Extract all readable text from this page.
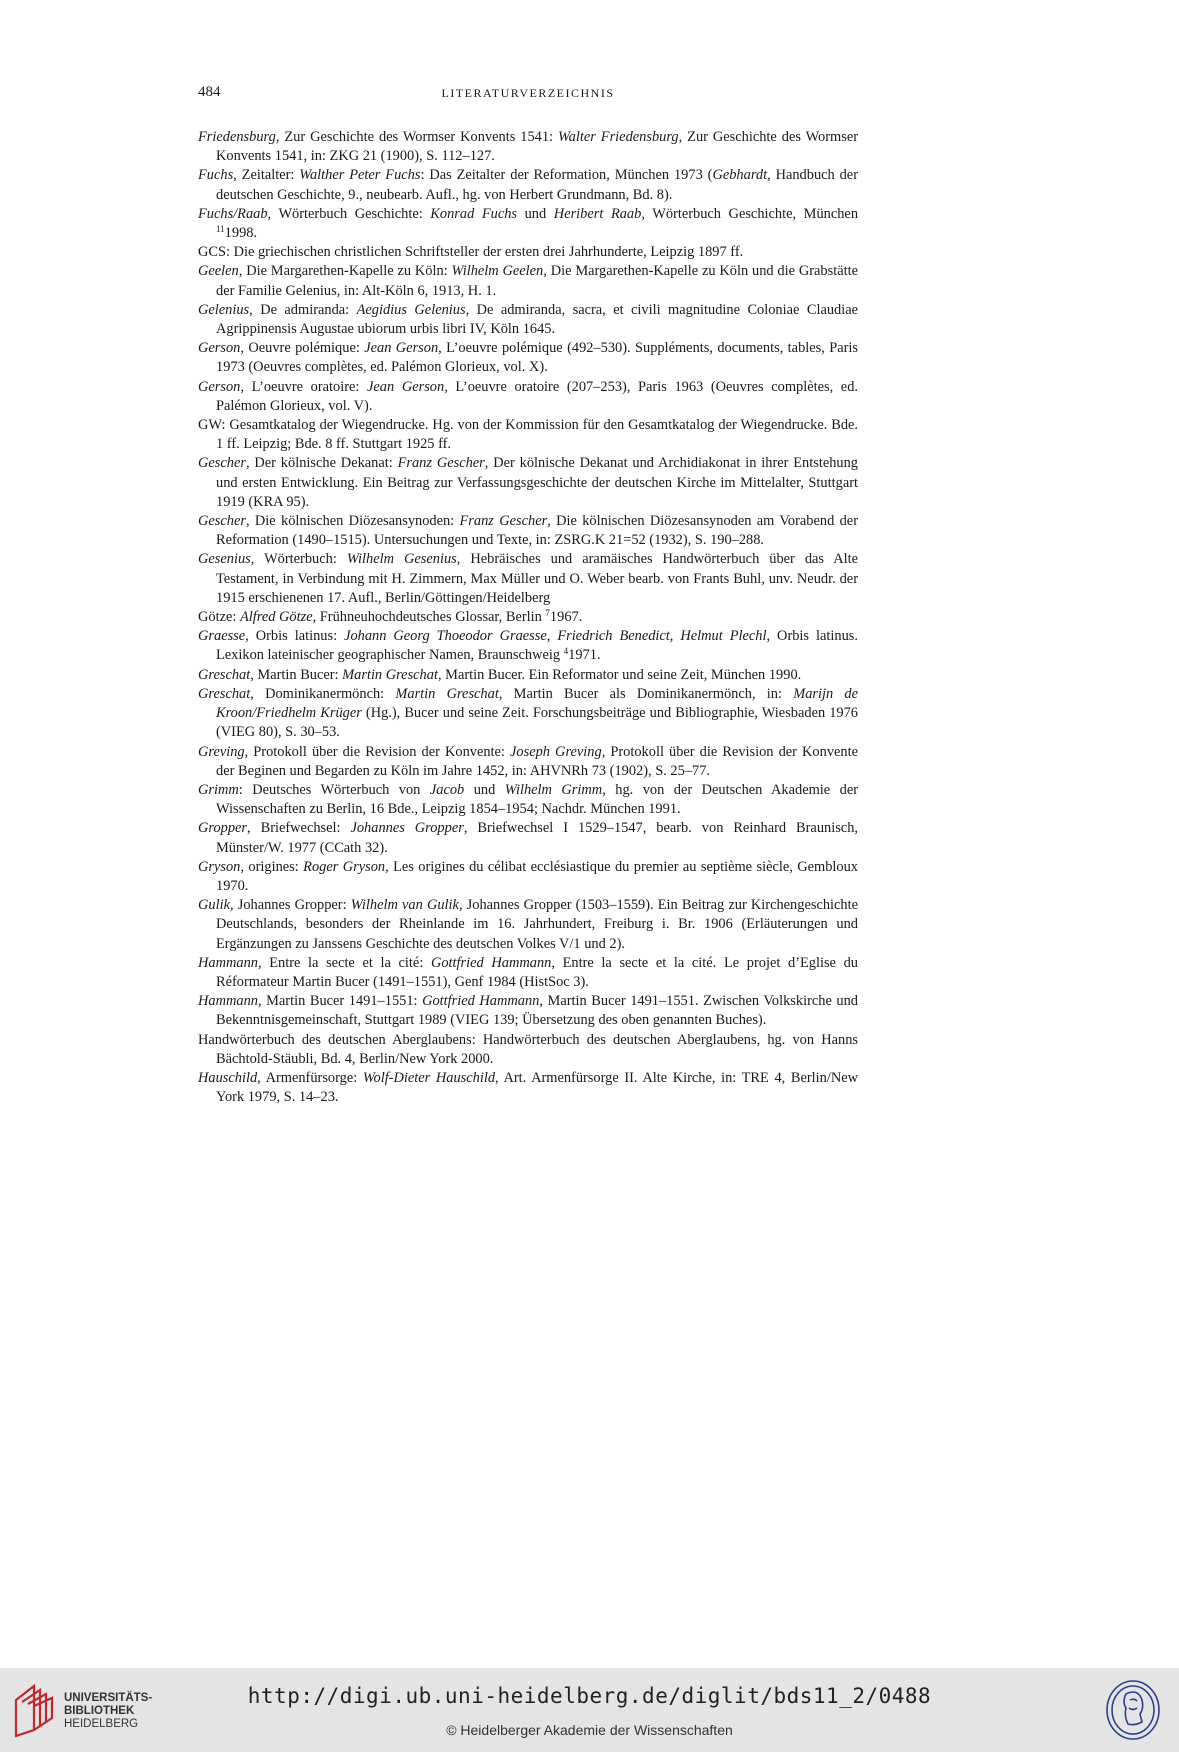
484	LITERATURVERZEICHNIS

Friedensburg, Zur Geschichte des Wormser Konvents 1541: Walter Friedensburg, Zur Geschichte des Wormser Konvents 1541, in: ZKG 21 (1900), S. 112–127.

Fuchs, Zeitalter: Walther Peter Fuchs: Das Zeitalter der Reformation, München 1973 (Gebhardt, Handbuch der deutschen Geschichte, 9., neubearb. Aufl., hg. von Herbert Grundmann, Bd. 8).

Fuchs/Raab, Wörterbuch Geschichte: Konrad Fuchs und Heribert Raab, Wörterbuch Geschichte, München $^{11}$1998.

GCS: Die griechischen christlichen Schriftsteller der ersten drei Jahrhunderte, Leipzig 1897 ff.

Geelen, Die Margarethen-Kapelle zu Köln: Wilhelm Geelen, Die Margarethen-Kapelle zu Köln und die Grabstätte der Familie Gelenius, in: Alt-Köln 6, 1913, H. 1.

Gelenius, De admiranda: Aegidius Gelenius, De admiranda, sacra, et civili magnitudine Coloniae Claudiae Agrippinensis Augustae ubiorum urbis libri IV, Köln 1645.

Gerson, Oeuvre polémique: Jean Gerson, L’oeuvre polémique (492–530). Suppléments, documents, tables, Paris 1973 (Oeuvres complètes, ed. Palémon Glorieux, vol. X).

Gerson, L’oeuvre oratoire: Jean Gerson, L’oeuvre oratoire (207–253), Paris 1963 (Oeuvres complètes, ed. Palémon Glorieux, vol. V).

GW: Gesamtkatalog der Wiegendrucke. Hg. von der Kommission für den Gesamtkatalog der Wiegendrucke. Bde. 1 ff. Leipzig; Bde. 8 ff. Stuttgart 1925 ff.

Gescher, Der kölnische Dekanat: Franz Gescher, Der kölnische Dekanat und Archidiakonat in ihrer Entstehung und ersten Entwicklung. Ein Beitrag zur Verfassungsgeschichte der deutschen Kirche im Mittelalter, Stuttgart 1919 (KRA 95).

Gescher, Die kölnischen Diözesansynoden: Franz Gescher, Die kölnischen Diözesansynoden am Vorabend der Reformation (1490–1515). Untersuchungen und Texte, in: ZSRG.K 21=52 (1932), S. 190–288.

Gesenius, Wörterbuch: Wilhelm Gesenius, Hebräisches und aramäisches Handwörterbuch über das Alte Testament, in Verbindung mit H. Zimmern, Max Müller und O. Weber bearb. von Frants Buhl, unv. Neudr. der 1915 erschienenen 17. Aufl., Berlin/Göttingen/Heidelberg

Götze: Alfred Götze, Frühneuhochdeutsches Glossar, Berlin $^7$1967.

Graesse, Orbis latinus: Johann Georg Thoeodor Graesse, Friedrich Benedict, Helmut Plechl, Orbis latinus. Lexikon lateinischer geographischer Namen, Braunschweig $^4$1971.

Greschat, Martin Bucer: Martin Greschat, Martin Bucer. Ein Reformator und seine Zeit, München 1990.

Greschat, Dominikanermönch: Martin Greschat, Martin Bucer als Dominikanermönch, in: Marijn de Kroon/Friedhelm Krüger (Hg.), Bucer und seine Zeit. Forschungsbeiträge und Bibliographie, Wiesbaden 1976 (VIEG 80), S. 30–53.

Greving, Protokoll über die Revision der Konvente: Joseph Greving, Protokoll über die Revision der Konvente der Beginen und Begarden zu Köln im Jahre 1452, in: AHVNRh 73 (1902), S. 25–77.

Grimm: Deutsches Wörterbuch von Jacob und Wilhelm Grimm, hg. von der Deutschen Akademie der Wissenschaften zu Berlin, 16 Bde., Leipzig 1854–1954; Nachdr. München 1991.

Gropper, Briefwechsel: Johannes Gropper, Briefwechsel I 1529–1547, bearb. von Reinhard Braunisch, Münster/W. 1977 (CCath 32).

Gryson, origines: Roger Gryson, Les origines du célibat ecclésiastique du premier au septième siècle, Gembloux 1970.

Gulik, Johannes Gropper: Wilhelm van Gulik, Johannes Gropper (1503–1559). Ein Beitrag zur Kirchengeschichte Deutschlands, besonders der Rheinlande im 16. Jahrhundert, Freiburg i. Br. 1906 (Erläuterungen und Ergänzungen zu Janssens Geschichte des deutschen Volkes V/1 und 2).

Hammann, Entre la secte et la cité: Gottfried Hammann, Entre la secte et la cité. Le projet d’Eglise du Réformateur Martin Bucer (1491–1551), Genf 1984 (HistSoc 3).

Hammann, Martin Bucer 1491–1551: Gottfried Hammann, Martin Bucer 1491–1551. Zwischen Volkskirche und Bekenntnisgemeinschaft, Stuttgart 1989 (VIEG 139; Übersetzung des oben genannten Buches).

Handwörterbuch des deutschen Aberglaubens: Handwörterbuch des deutschen Aberglaubens, hg. von Hanns Bächtold-Stäubli, Bd. 4, Berlin/New York 2000.

Hauschild, Armenfürsorge: Wolf-Dieter Hauschild, Art. Armenfürsorge II. Alte Kirche, in: TRE 4, Berlin/New York 1979, S. 14–23.

UNIVERSITÄTS-
BIBLIOTHEK
HEIDELBERG
http://digi.ub.uni-heidelberg.de/diglit/bds11_2/0488
© Heidelberger Akademie der Wissenschaften
